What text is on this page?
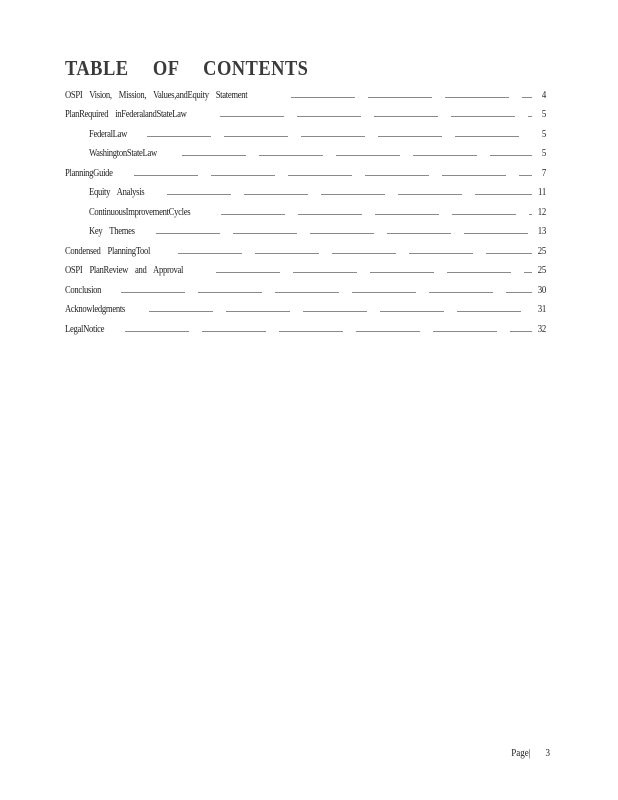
TABLE OF CONTENTS
OSPI Vision, Mission, Values,andEquity Statement	4
PlanRequired inFederalandStateLaw	5
FederalLaw	5
WashingtonStateLaw	5
PlanningGuide	7
Equity Analysis	11
ContinuousImprovementCycles	12
Key Themes	13
Condensed PlanningTool	25
OSPI PlanReview and Approval	25
Conclusion	30
Acknowledgments	31
LegalNotice	32
Page| 3
